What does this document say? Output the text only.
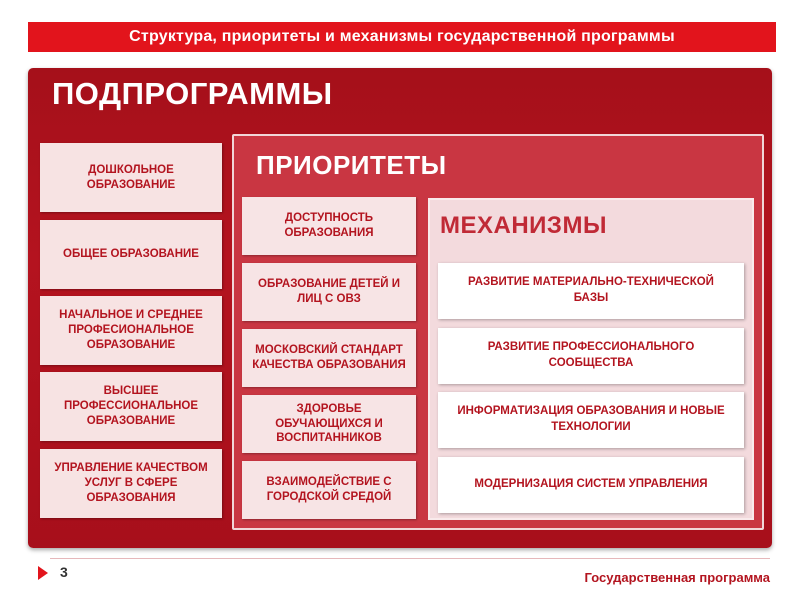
Структура, приоритеты и механизмы государственной программы
ПОДПРОГРАММЫ
ДОШКОЛЬНОЕ ОБРАЗОВАНИЕ
ОБЩЕЕ ОБРАЗОВАНИЕ
НАЧАЛЬНОЕ И СРЕДНЕЕ ПРОФЕСИОНАЛЬНОЕ ОБРАЗОВАНИЕ
ВЫСШЕЕ ПРОФЕССИОНАЛЬНОЕ ОБРАЗОВАНИЕ
УПРАВЛЕНИЕ КАЧЕСТВОМ УСЛУГ В СФЕРЕ ОБРАЗОВАНИЯ
ПРИОРИТЕТЫ
ДОСТУПНОСТЬ ОБРАЗОВАНИЯ
ОБРАЗОВАНИЕ ДЕТЕЙ И ЛИЦ С ОВЗ
МОСКОВСКИЙ СТАНДАРТ КАЧЕСТВА ОБРАЗОВАНИЯ
ЗДОРОВЬЕ ОБУЧАЮЩИХСЯ И ВОСПИТАННИКОВ
ВЗАИМОДЕЙСТВИЕ С ГОРОДСКОЙ СРЕДОЙ
МЕХАНИЗМЫ
РАЗВИТИЕ МАТЕРИАЛЬНО-ТЕХНИЧЕСКОЙ БАЗЫ
РАЗВИТИЕ ПРОФЕССИОНАЛЬНОГО СООБЩЕСТВА
ИНФОРМАТИЗАЦИЯ ОБРАЗОВАНИЯ И НОВЫЕ ТЕХНОЛОГИИ
МОДЕРНИЗАЦИЯ СИСТЕМ УПРАВЛЕНИЯ
3	Государственная программа
